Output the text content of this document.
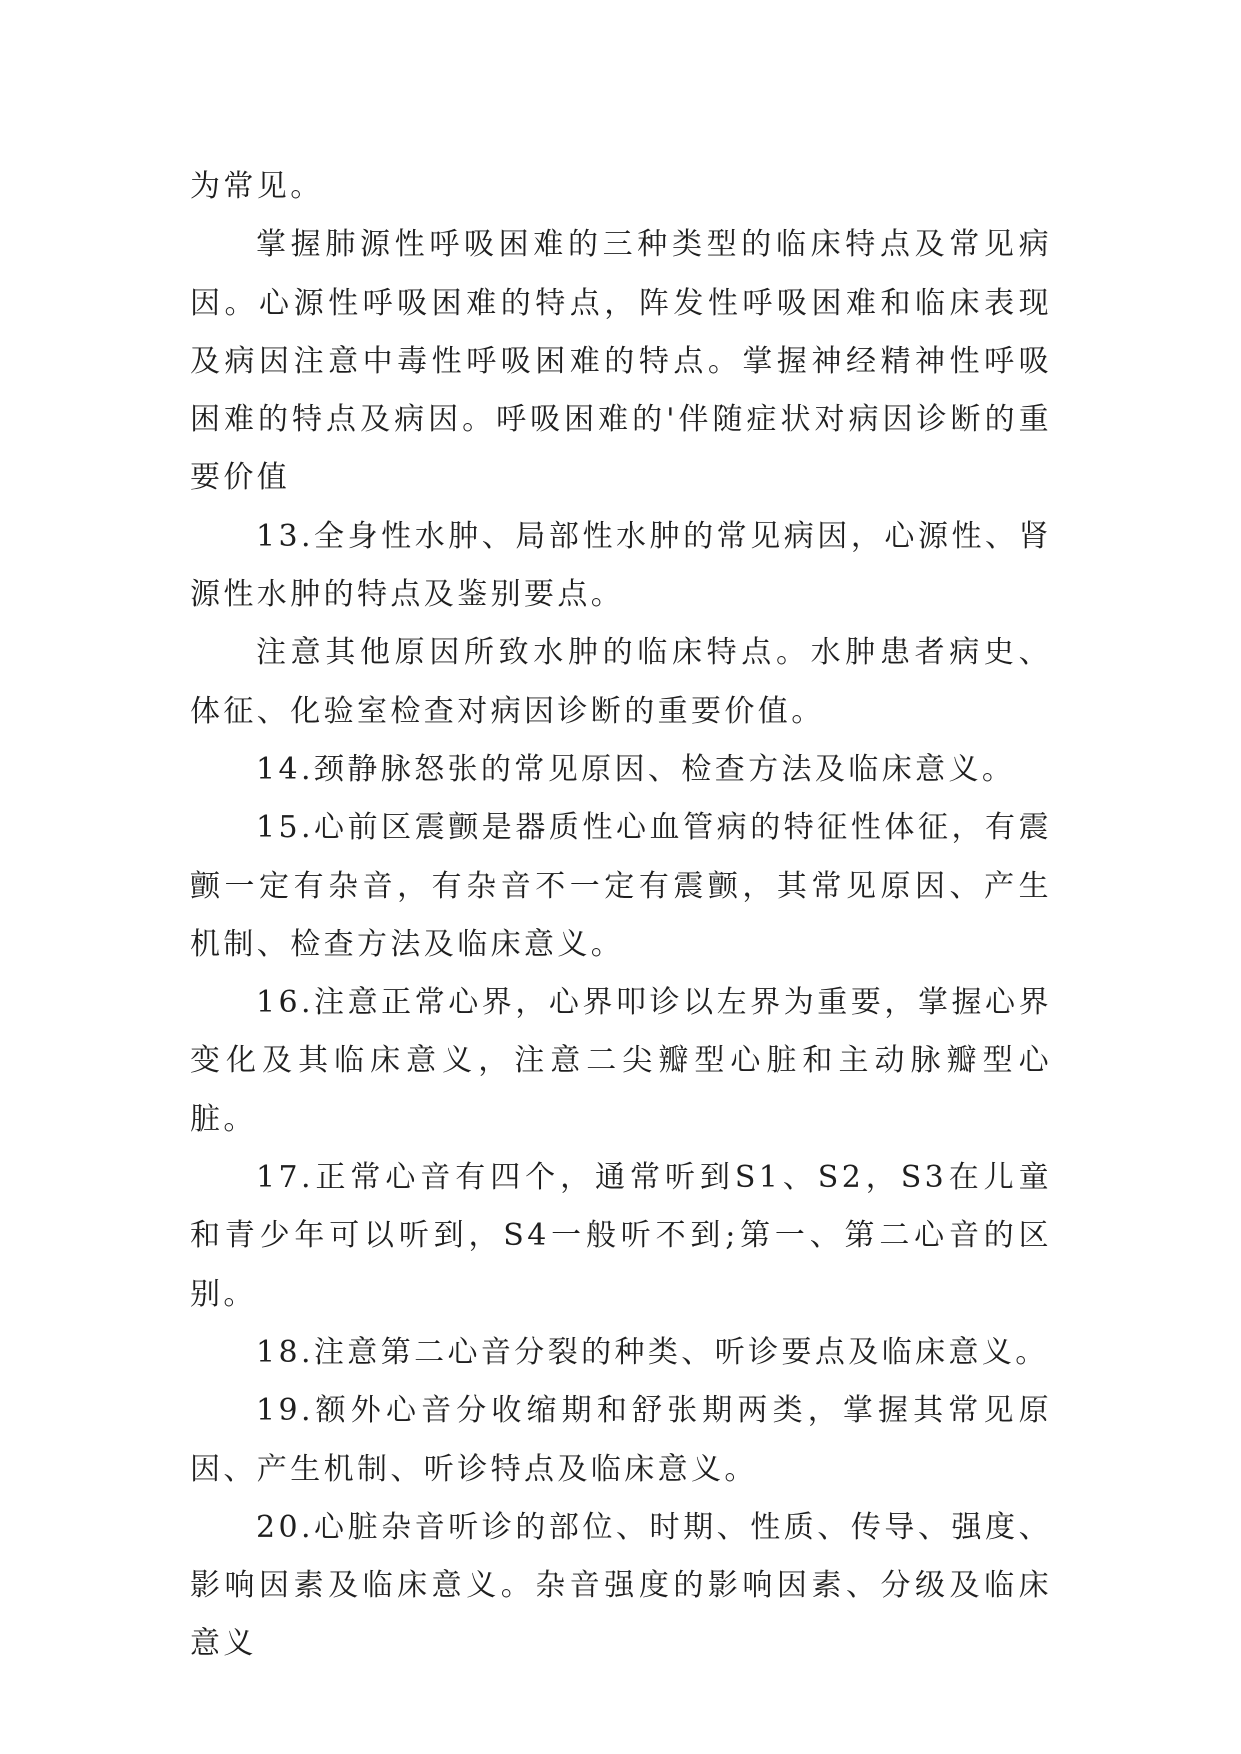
为常见。

掌握肺源性呼吸困难的三种类型的临床特点及常见病因。心源性呼吸困难的特点，阵发性呼吸困难和临床表现及病因注意中毒性呼吸困难的特点。掌握神经精神性呼吸困难的特点及病因。呼吸困难的'伴随症状对病因诊断的重要价值

13.全身性水肿、局部性水肿的常见病因，心源性、肾源性水肿的特点及鉴别要点。

注意其他原因所致水肿的临床特点。水肿患者病史、体征、化验室检查对病因诊断的重要价值。

14.颈静脉怒张的常见原因、检查方法及临床意义。

15.心前区震颤是器质性心血管病的特征性体征，有震颤一定有杂音，有杂音不一定有震颤，其常见原因、产生机制、检查方法及临床意义。

16.注意正常心界，心界叩诊以左界为重要，掌握心界变化及其临床意义，注意二尖瓣型心脏和主动脉瓣型心脏。

17.正常心音有四个，通常听到S1、S2，S3在儿童和青少年可以听到，S4一般听不到;第一、第二心音的区别。

18.注意第二心音分裂的种类、听诊要点及临床意义。

19.额外心音分收缩期和舒张期两类，掌握其常见原因、产生机制、听诊特点及临床意义。

20.心脏杂音听诊的部位、时期、性质、传导、强度、影响因素及临床意义。杂音强度的影响因素、分级及临床意义
